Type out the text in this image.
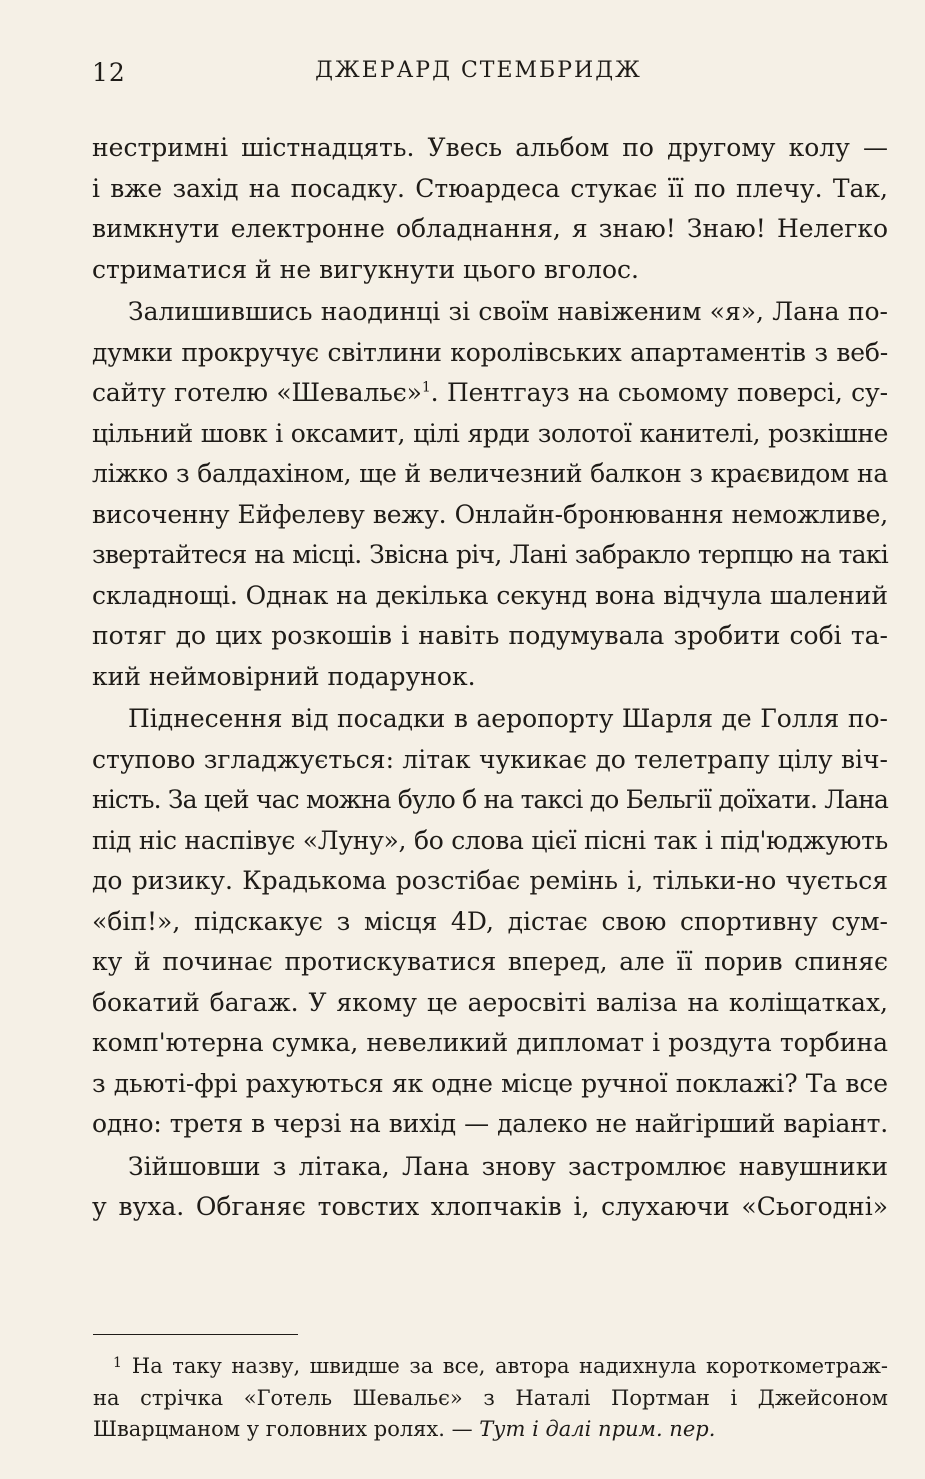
12	ДЖЕРАРД СТЕМБРИДЖ

нестримні шістнадцять. Увесь альбом по другому колу —
і вже захід на посадку. Стюардеса стукає її по плечу. Так,
вимкнути електронне обладнання, я знаю! Знаю! Нелегко
стриматися й не вигукнути цього вголос.

Залишившись наодинці зі своїм навіженим «я», Лана по-
думки прокручує світлини королівських апартаментів з веб-
сайту готелю «Шевальє»$^1$. Пентгауз на сьомому поверсі, су-
цільний шовк і оксамит, цілі ярди золотої канителі, розкішне
ліжко з балдахіном, ще й величезний балкон з краєвидом на
височенну Ейфелеву вежу. Онлайн-бронювання неможливе,
звертайтеся на місці. Звісна річ, Лані забракло терпцю на такі
складнощі. Однак на декілька секунд вона відчула шалений
потяг до цих розкошів і навіть подумувала зробити собі та-
кий неймовірний подарунок.

Піднесення від посадки в аеропорту Шарля де Голля по-
ступово згладжується: літак чукикає до телетрапу цілу віч-
ність. За цей час можна було б на таксі до Бельгії доїхати. Лана
під ніс наспівує «Луну», бо слова цієї пісні так і під'юджують
до ризику. Крадькома розстібає ремінь і, тільки-но чується
«біп!», підскакує з місця 4D, дістає свою спортивну сум-
ку й починає протискуватися вперед, але її порив спиняє
бокатий багаж. У якому це аеросвіті валіза на коліщатках,
комп'ютерна сумка, невеликий дипломат і роздута торбина
з дьюті-фрі рахуються як одне місце ручної поклажі? Та все
одно: третя в черзі на вихід — далеко не найгірший варіант.

Зійшовши з літака, Лана знову застромлює навушники
у вуха. Обганяє товстих хлопчаків і, слухаючи «Сьогодні»

$^1$ На таку назву, швидше за все, автора надихнула короткометраж-
на стрічка «Готель Шевальє» з Наталі Портман і Джейсоном
Шварцманом у головних ролях. — Тут і далі прим. пер.
